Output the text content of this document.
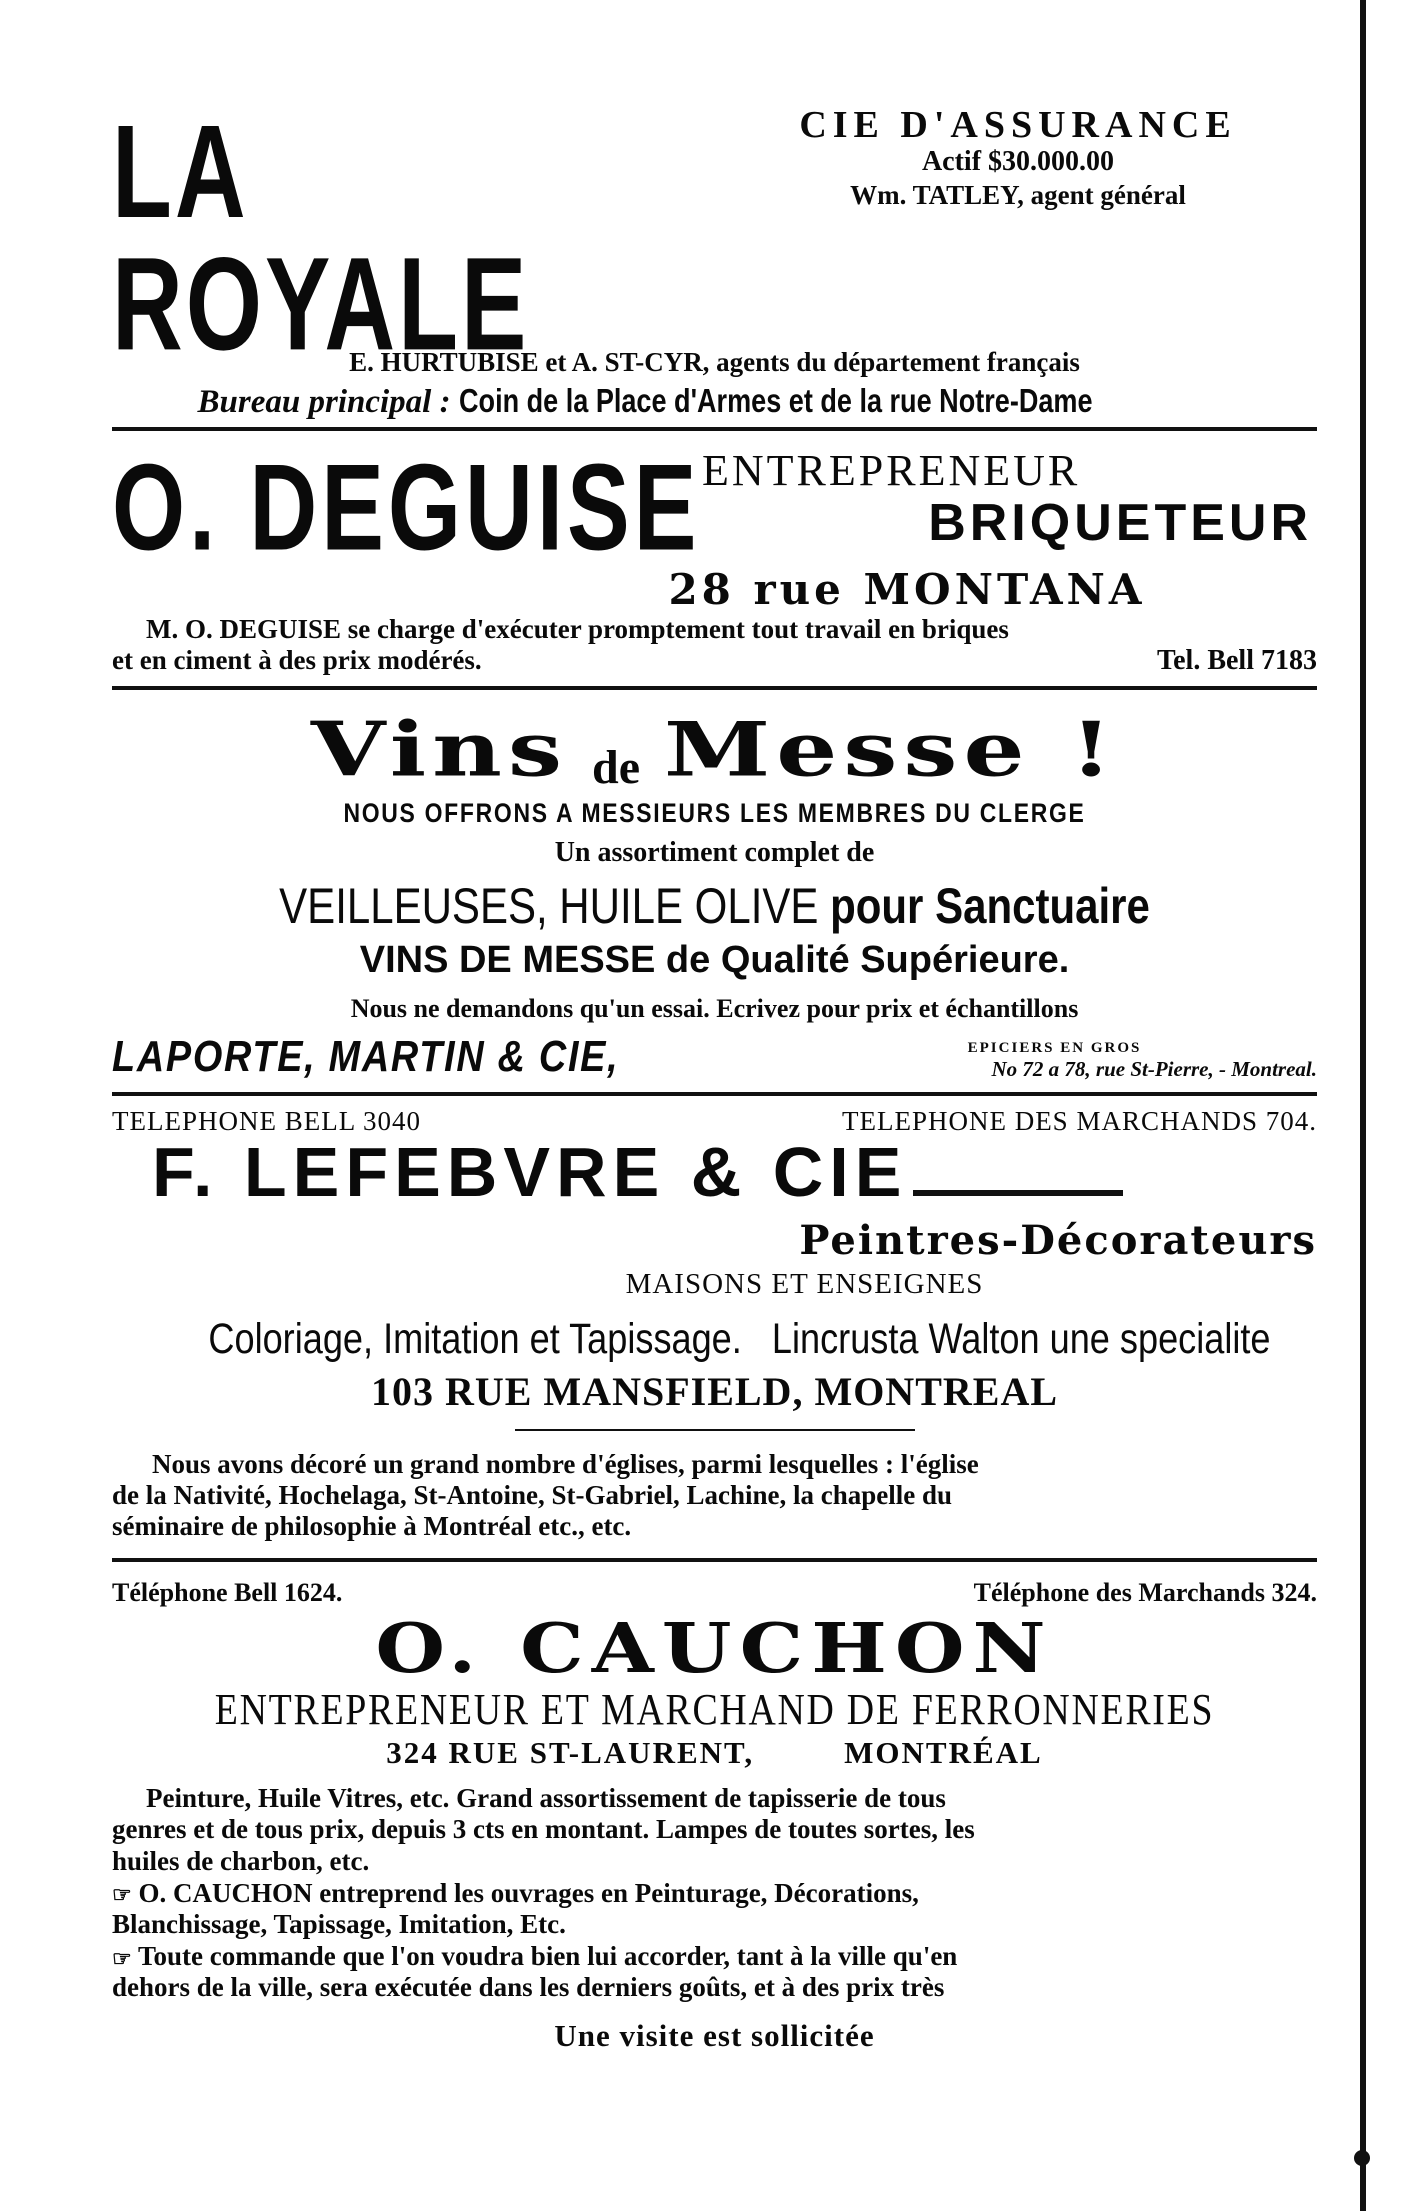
LA ROYALE
CIE D'ASSURANCE
Actif $30.000.00
Wm. TATLEY, agent général
E. HURTUBISE et A. ST-CYR, agents du département français
Bureau principal : Coin de la Place d'Armes et de la rue Notre-Dame
O. DEGUISE ENTREPRENEUR
BRIQUETEUR
28 rue MONTANA
M. O. DEGUISE se charge d'exécuter promptement tout travail en briques
et en ciment à des prix modérés.	Tel. Bell 7183
Vins de Messe !
NOUS OFFRONS A MESSIEURS LES MEMBRES DU CLERGE
Un assortiment complet de
VEILLEUSES, HUILE OLIVE pour Sanctuaire
VINS DE MESSE de Qualité Supérieure.
Nous ne demandons qu'un essai. Ecrivez pour prix et échantillons
LAPORTE, MARTIN & CIE,	EPICIERS EN GROS
No 72 a 78, rue St-Pierre, - Montreal.
TELEPHONE BELL 3040	TELEPHONE DES MARCHANDS 704.
F. LEFEBVRE & CIE
Peintres-Décorateurs
MAISONS ET ENSEIGNES
Coloriage, Imitation et Tapissage. Lincrusta Walton une specialite
103 RUE MANSFIELD, MONTREAL
Nous avons décoré un grand nombre d'églises, parmi lesquelles : l'église
de la Nativité, Hochelaga, St-Antoine, St-Gabriel, Lachine, la chapelle du
séminaire de philosophie à Montréal etc., etc.
Téléphone Bell 1624.	Téléphone des Marchands 324.
O. CAUCHON
ENTREPRENEUR ET MARCHAND DE FERRONNERIES
324 RUE ST-LAURENT,	MONTRÉAL
Peinture, Huile Vitres, etc. Grand assortissement de tapisserie de tous
genres et de tous prix, depuis 3 cts en montant. Lampes de toutes sortes, les
huiles de charbon, etc.
☞ O. CAUCHON entreprend les ouvrages en Peinturage, Décorations,
Blanchissage, Tapissage, Imitation, Etc.
☞ Toute commande que l'on voudra bien lui accorder, tant à la ville qu'en
dehors de la ville, sera exécutée dans les derniers goûts, et à des prix très
Une visite est sollicitée
